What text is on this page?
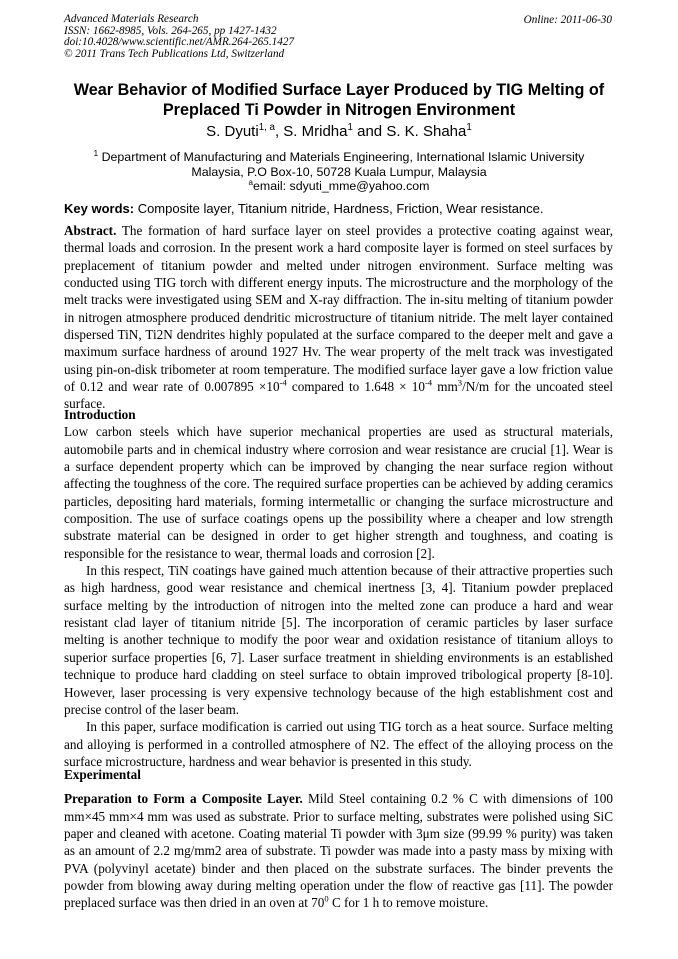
Advanced Materials Research
ISSN: 1662-8985, Vols. 264-265, pp 1427-1432
doi:10.4028/www.scientific.net/AMR.264-265.1427
© 2011 Trans Tech Publications Ltd, Switzerland
Online: 2011-06-30
Wear Behavior of Modified Surface Layer Produced by TIG Melting of Preplaced Ti Powder in Nitrogen Environment
S. Dyuti$^{1, a}$, S. Mridha$^1$ and S. K. Shaha$^1$
$^1$ Department of Manufacturing and Materials Engineering, International Islamic University
Malaysia, P.O Box-10, 50728 Kuala Lumpur, Malaysia
$^a$email: sdyuti_mme@yahoo.com
Key words: Composite layer, Titanium nitride, Hardness, Friction, Wear resistance.

Abstract. The formation of hard surface layer on steel provides a protective coating against wear, thermal loads and corrosion. In the present work a hard composite layer is formed on steel surfaces by preplacement of titanium powder and melted under nitrogen environment. Surface melting was conducted using TIG torch with different energy inputs. The microstructure and the morphology of the melt tracks were investigated using SEM and X-ray diffraction. The in-situ melting of titanium powder in nitrogen atmosphere produced dendritic microstructure of titanium nitride. The melt layer contained dispersed TiN, Ti2N dendrites highly populated at the surface compared to the deeper melt and gave a maximum surface hardness of around 1927 Hv. The wear property of the melt track was investigated using pin-on-disk tribometer at room temperature. The modified surface layer gave a low friction value of 0.12 and wear rate of $0.007895 \times 10^{-4}$ compared to $1.648 \times 10^{-4}$ $mm^3/N/m$ for the uncoated steel surface.

Introduction

Low carbon steels which have superior mechanical properties are used as structural materials, automobile parts and in chemical industry where corrosion and wear resistance are crucial [1]. Wear is a surface dependent property which can be improved by changing the near surface region without affecting the toughness of the core. The required surface properties can be achieved by adding ceramics particles, depositing hard materials, forming intermetallic or changing the surface microstructure and composition. The use of surface coatings opens up the possibility where a cheaper and low strength substrate material can be designed in order to get higher strength and toughness, and coating is responsible for the resistance to wear, thermal loads and corrosion [2].

In this respect, TiN coatings have gained much attention because of their attractive properties such as high hardness, good wear resistance and chemical inertness [3, 4]. Titanium powder preplaced surface melting by the introduction of nitrogen into the melted zone can produce a hard and wear resistant clad layer of titanium nitride [5]. The incorporation of ceramic particles by laser surface melting is another technique to modify the poor wear and oxidation resistance of titanium alloys to superior surface properties [6, 7]. Laser surface treatment in shielding environments is an established technique to produce hard cladding on steel surface to obtain improved tribological property [8-10]. However, laser processing is very expensive technology because of the high establishment cost and precise control of the laser beam.

In this paper, surface modification is carried out using TIG torch as a heat source. Surface melting and alloying is performed in a controlled atmosphere of N2. The effect of the alloying process on the surface microstructure, hardness and wear behavior is presented in this study.

Experimental

Preparation to Form a Composite Layer. Mild Steel containing 0.2 % C with dimensions of 100 mm×45 mm×4 mm was used as substrate. Prior to surface melting, substrates were polished using SiC paper and cleaned with acetone. Coating material Ti powder with 3μm size (99.99 % purity) was taken as an amount of 2.2 mg/mm2 area of substrate. Ti powder was made into a pasty mass by mixing with PVA (polyvinyl acetate) binder and then placed on the substrate surfaces. The binder prevents the powder from blowing away during melting operation under the flow of reactive gas [11]. The powder preplaced surface was then dried in an oven at $70^0$ C for 1 h to remove moisture.
